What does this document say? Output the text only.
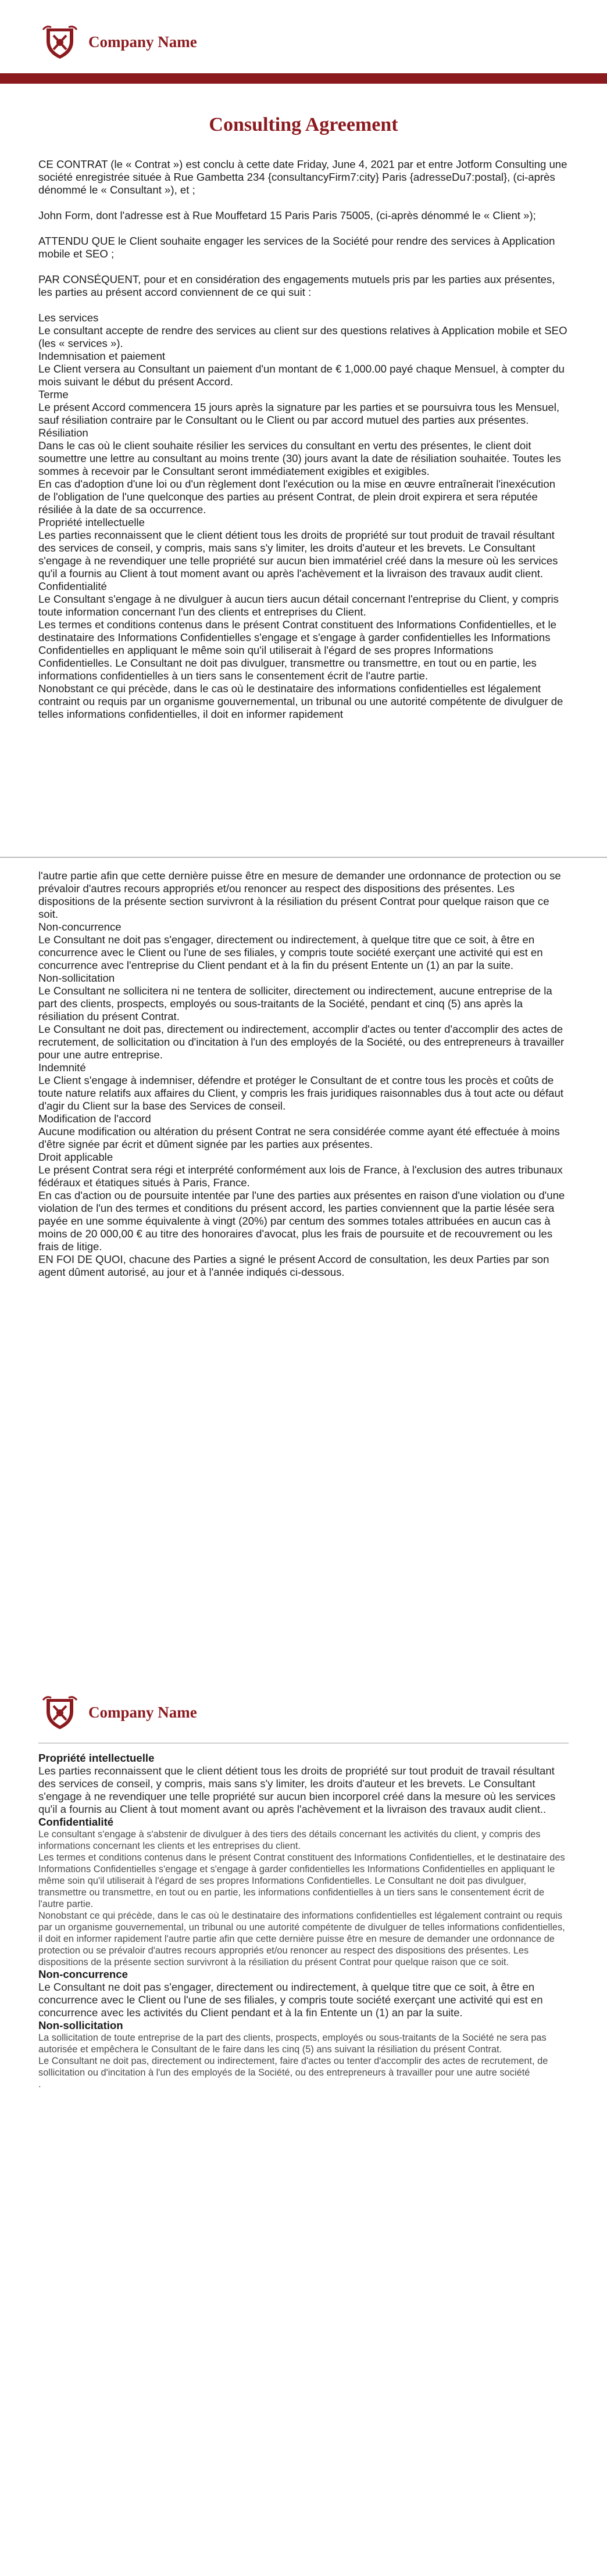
Company Name
Consulting Agreement

CE CONTRAT (le « Contrat ») est conclu à cette date Friday, June 4, 2021 par et entre Jotform Consulting une société enregistrée située à Rue Gambetta 234 {consultancyFirm7:city} Paris {adresseDu7:postal}, (ci-après dénommé le « Consultant »), et ;

John Form, dont l'adresse est à Rue Mouffetard 15 Paris Paris 75005, (ci-après dénommé le « Client »);

ATTENDU QUE le Client souhaite engager les services de la Société pour rendre des services à Application mobile et SEO ;

PAR CONSÉQUENT, pour et en considération des engagements mutuels pris par les parties aux présentes, les parties au présent accord conviennent de ce qui suit :

Les services

Le consultant accepte de rendre des services au client sur des questions relatives à Application mobile et SEO (les « services »).

Indemnisation et paiement

Le Client versera au Consultant un paiement d'un montant de € 1,000.00 payé chaque Mensuel, à compter du mois suivant le début du présent Accord.

Terme

Le présent Accord commencera 15 jours après la signature par les parties et se poursuivra tous les Mensuel, sauf résiliation contraire par le Consultant ou le Client ou par accord mutuel des parties aux présentes.

Résiliation

Dans le cas où le client souhaite résilier les services du consultant en vertu des présentes, le client doit soumettre une lettre au consultant au moins trente (30) jours avant la date de résiliation souhaitée. Toutes les sommes à recevoir par le Consultant seront immédiatement exigibles et exigibles.

En cas d'adoption d'une loi ou d'un règlement dont l'exécution ou la mise en œuvre entraînerait l'inexécution de l'obligation de l'une quelconque des parties au présent Contrat, de plein droit expirera et sera réputée résiliée à la date de sa occurrence.

Propriété intellectuelle

Les parties reconnaissent que le client détient tous les droits de propriété sur tout produit de travail résultant des services de conseil, y compris, mais sans s'y limiter, les droits d'auteur et les brevets. Le Consultant s'engage à ne revendiquer une telle propriété sur aucun bien immatériel créé dans la mesure où les services qu'il a fournis au Client à tout moment avant ou après l'achèvement et la livraison des travaux audit client.

Confidentialité

Le Consultant s'engage à ne divulguer à aucun tiers aucun détail concernant l'entreprise du Client, y compris toute information concernant l'un des clients et entreprises du Client.

Les termes et conditions contenus dans le présent Contrat constituent des Informations Confidentielles, et le destinataire des Informations Confidentielles s'engage et s'engage à garder confidentielles les Informations Confidentielles en appliquant le même soin qu'il utiliserait à l'égard de ses propres Informations Confidentielles. Le Consultant ne doit pas divulguer, transmettre ou transmettre, en tout ou en partie, les informations confidentielles à un tiers sans le consentement écrit de l'autre partie.

Nonobstant ce qui précède, dans le cas où le destinataire des informations confidentielles est légalement contraint ou requis par un organisme gouvernemental, un tribunal ou une autorité compétente de divulguer de telles informations confidentielles, il doit en informer rapidement

l'autre partie afin que cette dernière puisse être en mesure de demander une ordonnance de protection ou se prévaloir d'autres recours appropriés et/ou renoncer au respect des dispositions des présentes. Les dispositions de la présente section survivront à la résiliation du présent Contrat pour quelque raison que ce soit.

Non-concurrence

Le Consultant ne doit pas s'engager, directement ou indirectement, à quelque titre que ce soit, à être en concurrence avec le Client ou l'une de ses filiales, y compris toute société exerçant une activité qui est en concurrence avec l'entreprise du Client pendant et à la fin du présent Entente un (1) an par la suite.

Non-sollicitation

Le Consultant ne sollicitera ni ne tentera de solliciter, directement ou indirectement, aucune entreprise de la part des clients, prospects, employés ou sous-traitants de la Société, pendant et cinq (5) ans après la résiliation du présent Contrat.

Le Consultant ne doit pas, directement ou indirectement, accomplir d'actes ou tenter d'accomplir des actes de recrutement, de sollicitation ou d'incitation à l'un des employés de la Société, ou des entrepreneurs à travailler pour une autre entreprise.

Indemnité

Le Client s'engage à indemniser, défendre et protéger le Consultant de et contre tous les procès et coûts de toute nature relatifs aux affaires du Client, y compris les frais juridiques raisonnables dus à tout acte ou défaut d'agir du Client sur la base des Services de conseil.

Modification de l'accord

Aucune modification ou altération du présent Contrat ne sera considérée comme ayant été effectuée à moins d'être signée par écrit et dûment signée par les parties aux présentes.

Droit applicable

Le présent Contrat sera régi et interprété conformément aux lois de France, à l'exclusion des autres tribunaux fédéraux et étatiques situés à Paris, France.

En cas d'action ou de poursuite intentée par l'une des parties aux présentes en raison d'une violation ou d'une violation de l'un des termes et conditions du présent accord, les parties conviennent que la partie lésée sera payée en une somme équivalente à vingt (20%) par centum des sommes totales attribuées en aucun cas à moins de 20 000,00 € au titre des honoraires d'avocat, plus les frais de poursuite et de recouvrement ou les frais de litige.

EN FOI DE QUOI, chacune des Parties a signé le présent Accord de consultation, les deux Parties par son agent dûment autorisé, au jour et à l'année indiqués ci-dessous.

Company Name

Propriété intellectuelle

Les parties reconnaissent que le client détient tous les droits de propriété sur tout produit de travail résultant des services de conseil, y compris, mais sans s'y limiter, les droits d'auteur et les brevets. Le Consultant s'engage à ne revendiquer une telle propriété sur aucun bien incorporel créé dans la mesure où les services qu'il a fournis au Client à tout moment avant ou après l'achèvement et la livraison des travaux audit client..

Confidentialité

Le consultant s'engage à s'abstenir de divulguer à des tiers des détails concernant les activités du client, y compris des informations concernant les clients et les entreprises du client.

Les termes et conditions contenus dans le présent Contrat constituent des Informations Confidentielles, et le destinataire des Informations Confidentielles s'engage et s'engage à garder confidentielles les Informations Confidentielles en appliquant le même soin qu'il utiliserait à l'égard de ses propres Informations Confidentielles. Le Consultant ne doit pas divulguer, transmettre ou transmettre, en tout ou en partie, les informations confidentielles à un tiers sans le consentement écrit de l'autre partie.

Nonobstant ce qui précède, dans le cas où le destinataire des informations confidentielles est légalement contraint ou requis par un organisme gouvernemental, un tribunal ou une autorité compétente de divulguer de telles informations confidentielles, il doit en informer rapidement l'autre partie afin que cette dernière puisse être en mesure de demander une ordonnance de protection ou se prévaloir d'autres recours appropriés et/ou renoncer au respect des dispositions des présentes. Les dispositions de la présente section survivront à la résiliation du présent Contrat pour quelque raison que ce soit.

Non-concurrence

Le Consultant ne doit pas s'engager, directement ou indirectement, à quelque titre que ce soit, à être en concurrence avec le Client ou l'une de ses filiales, y compris toute société exerçant une activité qui est en concurrence avec les activités du Client pendant et à la fin Entente un (1) an par la suite.

Non-sollicitation

La sollicitation de toute entreprise de la part des clients, prospects, employés ou sous-traitants de la Société ne sera pas autorisée et empêchera le Consultant de le faire dans les cinq (5) ans suivant la résiliation du présent Contrat.

Le Consultant ne doit pas, directement ou indirectement, faire d'actes ou tenter d'accomplir des actes de recrutement, de sollicitation ou d'incitation à l'un des employés de la Société, ou des entrepreneurs à travailler pour une autre société

.
